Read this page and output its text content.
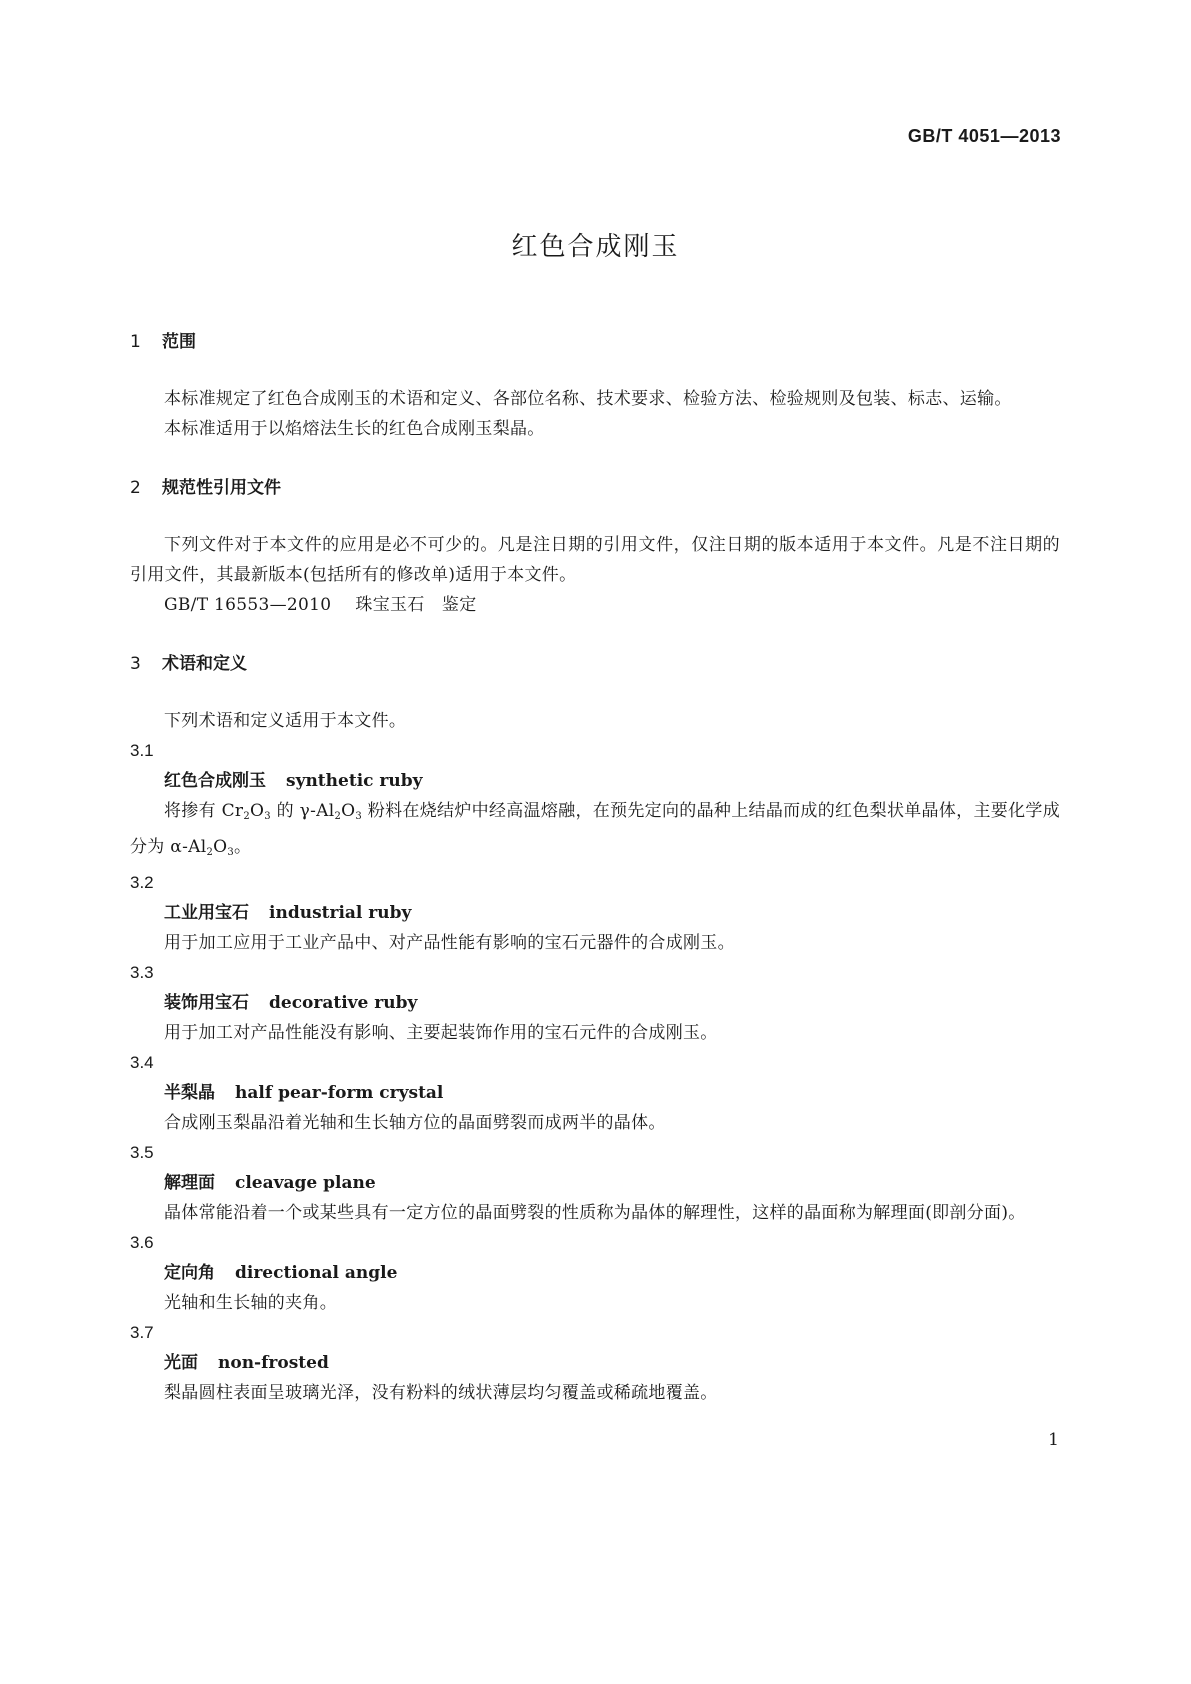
GB/T 4051—2013
红色合成刚玉
1 范围
本标准规定了红色合成刚玉的术语和定义、各部位名称、技术要求、检验方法、检验规则及包装、标志、运输。
本标准适用于以焰熔法生长的红色合成刚玉梨晶。
2 规范性引用文件
下列文件对于本文件的应用是必不可少的。凡是注日期的引用文件，仅注日期的版本适用于本文件。凡是不注日期的引用文件，其最新版本(包括所有的修改单)适用于本文件。
GB/T 16553—2010 珠宝玉石　鉴定
3 术语和定义
下列术语和定义适用于本文件。
3.1
红色合成刚玉 synthetic ruby
将掺有 $Cr_2O_3$ 的 $\gamma-Al_2O_3$ 粉料在烧结炉中经高温熔融，在预先定向的晶种上结晶而成的红色梨状单晶体，主要化学成分为 $\alpha-Al_2O_3$。
3.2
工业用宝石 industrial ruby
用于加工应用于工业产品中、对产品性能有影响的宝石元器件的合成刚玉。
3.3
装饰用宝石 decorative ruby
用于加工对产品性能没有影响、主要起装饰作用的宝石元件的合成刚玉。
3.4
半梨晶 half pear-form crystal
合成刚玉梨晶沿着光轴和生长轴方位的晶面劈裂而成两半的晶体。
3.5
解理面 cleavage plane
晶体常能沿着一个或某些具有一定方位的晶面劈裂的性质称为晶体的解理性，这样的晶面称为解理面(即剖分面)。
3.6
定向角 directional angle
光轴和生长轴的夹角。
3.7
光面 non-frosted
梨晶圆柱表面呈玻璃光泽，没有粉料的绒状薄层均匀覆盖或稀疏地覆盖。
1
